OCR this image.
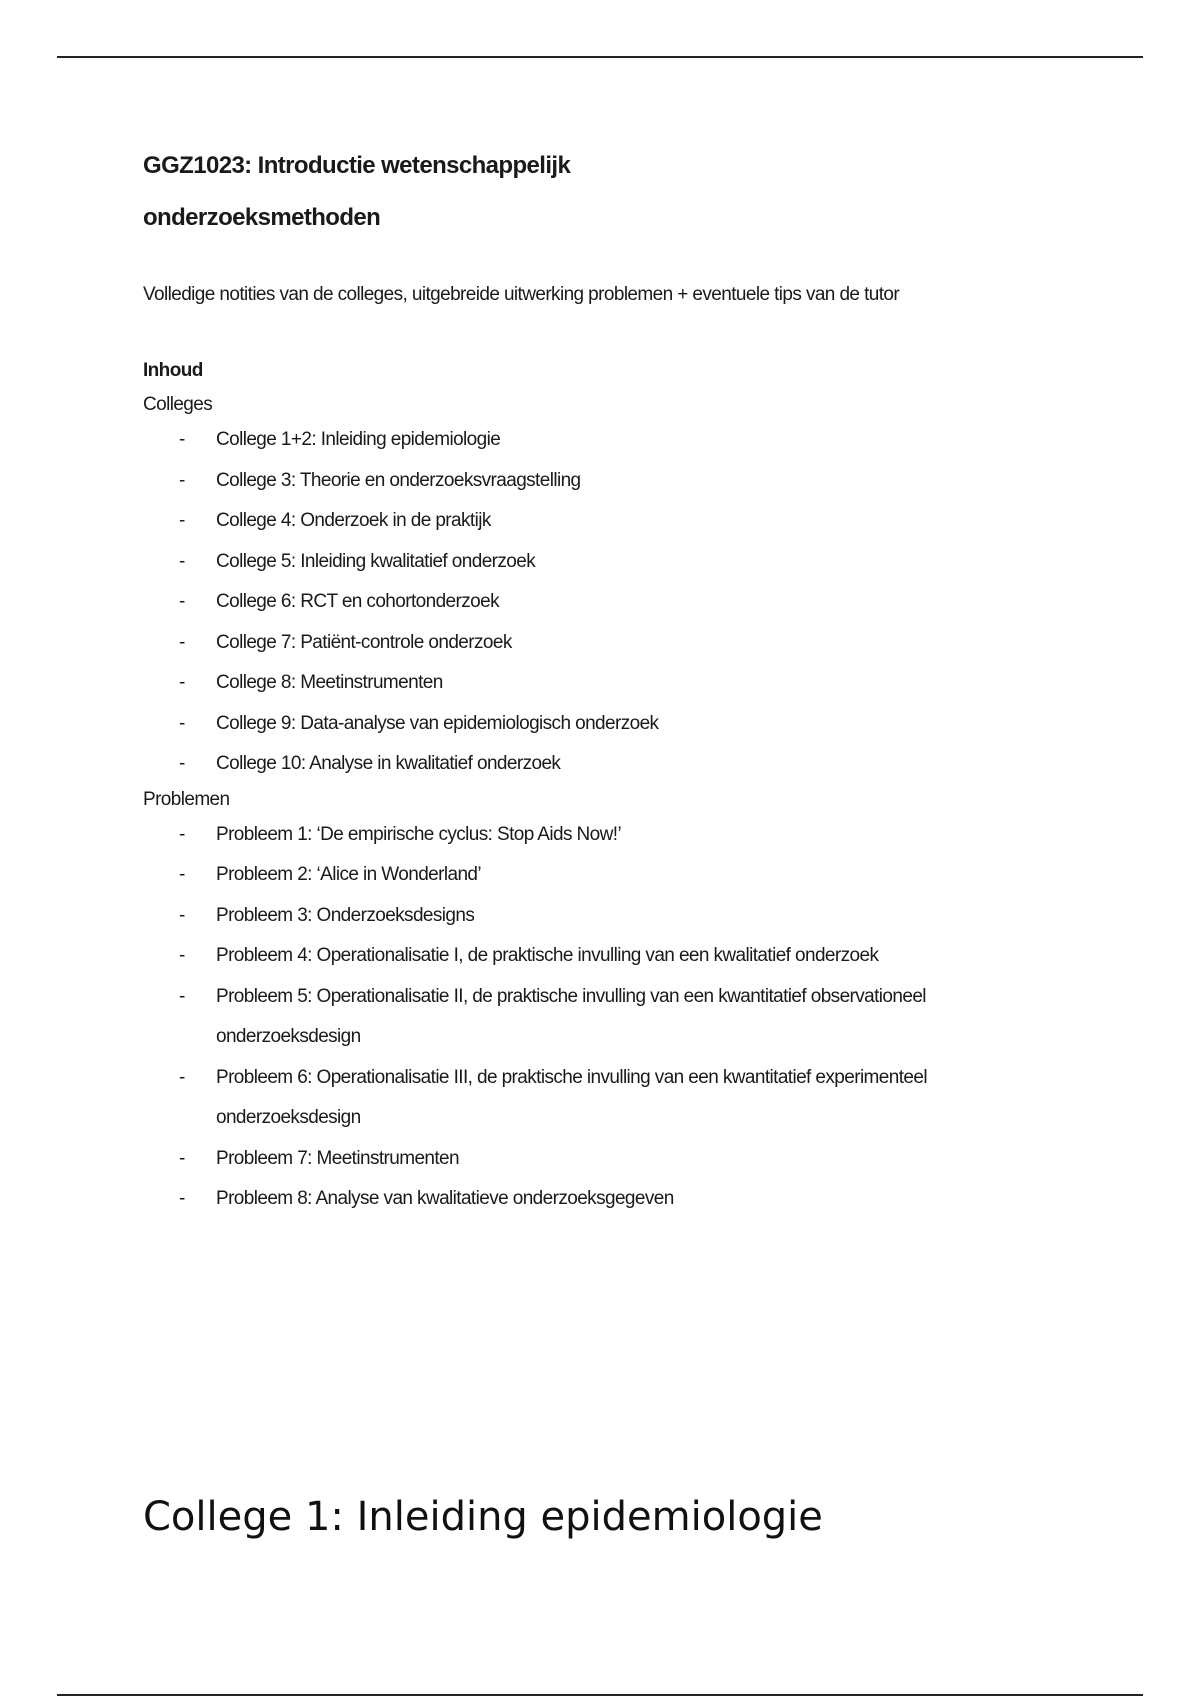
GGZ1023: Introductie wetenschappelijk
onderzoeksmethoden
Volledige notities van de colleges, uitgebreide uitwerking problemen + eventuele tips van de tutor
Inhoud
Colleges
- College 1+2: Inleiding epidemiologie
- College 3: Theorie en onderzoeksvraagstelling
- College 4: Onderzoek in de praktijk
- College 5: Inleiding kwalitatief onderzoek
- College 6: RCT en cohortonderzoek
- College 7: Patiënt-controle onderzoek
- College 8: Meetinstrumenten
- College 9: Data-analyse van epidemiologisch onderzoek
- College 10: Analyse in kwalitatief onderzoek
Problemen
- Probleem 1: ‘De empirische cyclus: Stop Aids Now!’
- Probleem 2: ‘Alice in Wonderland’
- Probleem 3: Onderzoeksdesigns
- Probleem 4: Operationalisatie I, de praktische invulling van een kwalitatief onderzoek
- Probleem 5: Operationalisatie II, de praktische invulling van een kwantitatief observationeel onderzoeksdesign
- Probleem 6: Operationalisatie III, de praktische invulling van een kwantitatief experimenteel onderzoeksdesign
- Probleem 7: Meetinstrumenten
- Probleem 8: Analyse van kwalitatieve onderzoeksgegeven
College 1: Inleiding epidemiologie
